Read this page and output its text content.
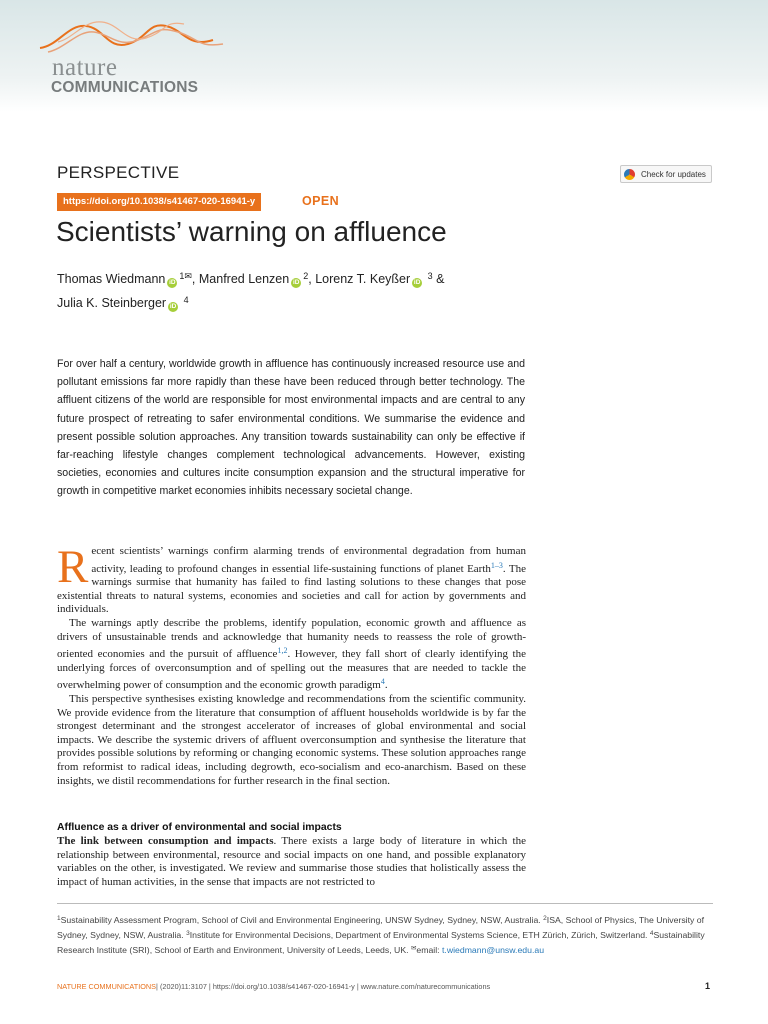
nature
COMMUNICATIONS
PERSPECTIVE	Check for updates
https://doi.org/10.1038/s41467-020-16941-y	OPEN
Scientists’ warning on affluence
Thomas Wiedmann $iD^{1✉}$, Manfred Lenzen $iD^2$, Lorenz T. Keyßer iD $^3$ &
Julia K. Steinberger iD $^4$

For over half a century, worldwide growth in affluence has continuously increased resource use and pollutant emissions far more rapidly than these have been reduced through better technology. The affluent citizens of the world are responsible for most environmental impacts and are central to any future prospect of retreating to safer environmental conditions. We summarise the evidence and present possible solution approaches. Any transition towards sustainability can only be effective if far-reaching lifestyle changes complement technological advancements. However, existing societies, economies and cultures incite consumption expansion and the structural imperative for growth in competitive market economies inhibits necessary societal change.

Recent scientists’ warnings confirm alarming trends of environmental degradation from human activity, leading to profound changes in essential life-sustaining functions of planet Earth$^{1-3}$. The warnings surmise that humanity has failed to find lasting solutions to these changes that pose existential threats to natural systems, economies and societies and call for action by governments and individuals.

The warnings aptly describe the problems, identify population, economic growth and affluence as drivers of unsustainable trends and acknowledge that humanity needs to reassess the role of growth-oriented economies and the pursuit of affluence$^{1,2}$. However, they fall short of clearly identifying the underlying forces of overconsumption and of spelling out the measures that are needed to tackle the overwhelming power of consumption and the economic growth paradigm$^4$.

This perspective synthesises existing knowledge and recommendations from the scientific community. We provide evidence from the literature that consumption of affluent households worldwide is by far the strongest determinant and the strongest accelerator of increases of global environmental and social impacts. We describe the systemic drivers of affluent overconsumption and synthesise the literature that provides possible solutions by reforming or changing economic systems. These solution approaches range from reformist to radical ideas, including degrowth, eco-socialism and eco-anarchism. Based on these insights, we distil recommendations for further research in the final section.

Affluence as a driver of environmental and social impacts

The link between consumption and impacts. There exists a large body of literature in which the relationship between environmental, resource and social impacts on one hand, and possible explanatory variables on the other, is investigated. We review and summarise those studies that holistically assess the impact of human activities, in the sense that impacts are not restricted to

$^1$Sustainability Assessment Program, School of Civil and Environmental Engineering, UNSW Sydney, Sydney, NSW, Australia. $^2$ISA, School of Physics, The University of Sydney, Sydney, NSW, Australia. $^3$Institute for Environmental Decisions, Department of Environmental Systems Science, ETH Zürich, Zürich, Switzerland. $^4$Sustainability Research Institute (SRI), School of Earth and Environment, University of Leeds, Leeds, UK. ✉email: t.wiedmann@unsw.edu.au

NATURE COMMUNICATIONS| (2020)11:3107 | https://doi.org/10.1038/s41467-020-16941-y | www.nature.com/naturecommunications	1
